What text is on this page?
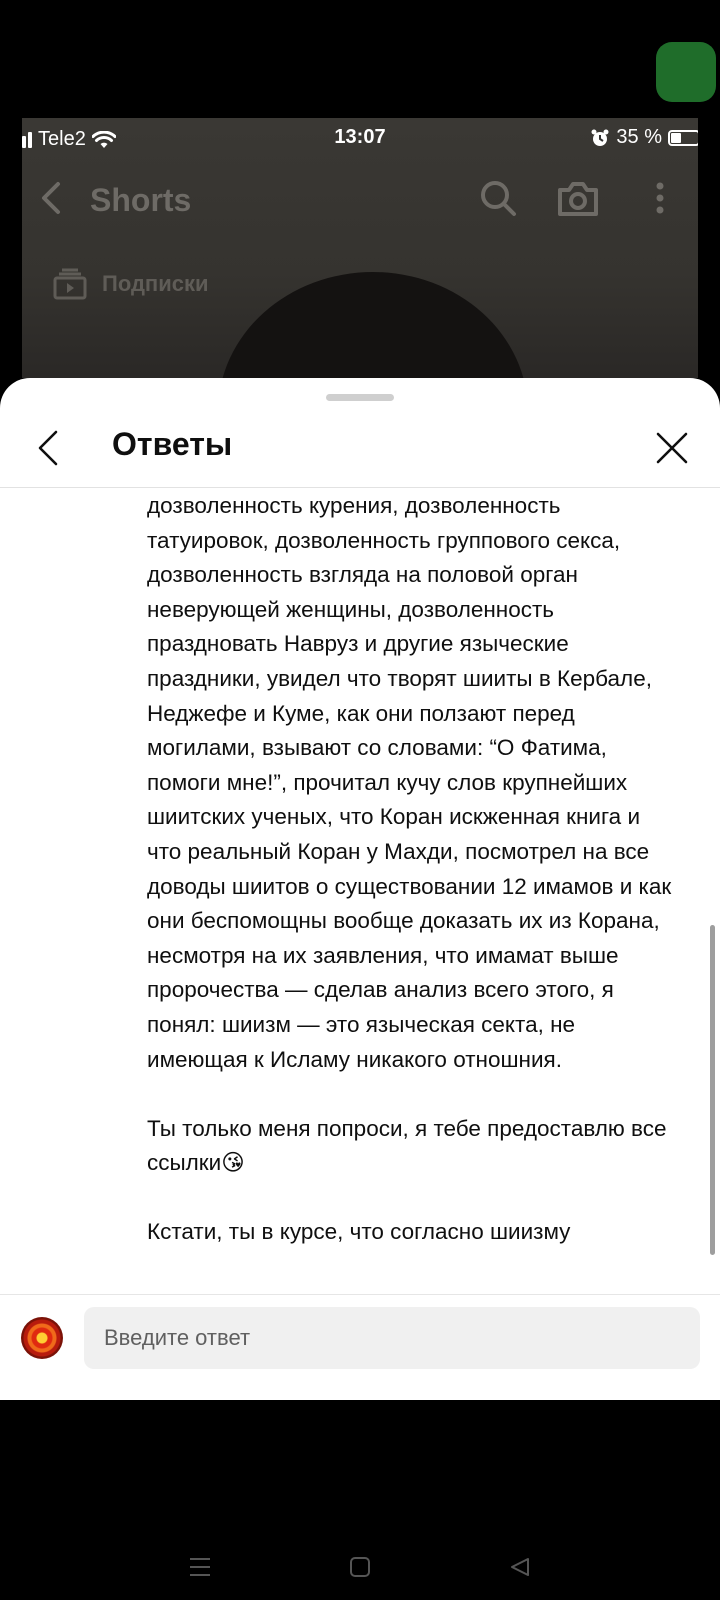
Tele2	13:07	35 %
Shorts
Подписки
Ответы
дозволенность курения, дозволенность татуировок, дозволенность группового секса, дозволенность взгляда на половой орган неверующей женщины, дозволенность праздновать Навруз и другие языческие праздники, увидел что творят шииты в Кербале, Неджефе и Куме, как они ползают перед могилами, взывают со словами: “О Фатима, помоги мне!”, прочитал кучу слов крупнейших шиитских ученых, что Коран искженная книга и что реальный Коран у Махди, посмотрел на все доводы шиитов о существовании 12 имамов и как они беспомощны вообще доказать их из Корана, несмотря на их заявления, что имамат выше пророчества — сделав анализ всего этого, я понял: шиизм — это языческая секта, не имеющая к Исламу никакого отношния.

Ты только меня попроси, я тебе предоставлю все ссылки😘

Кстати, ты в курсе, что согласно шиизму
Введите ответ
